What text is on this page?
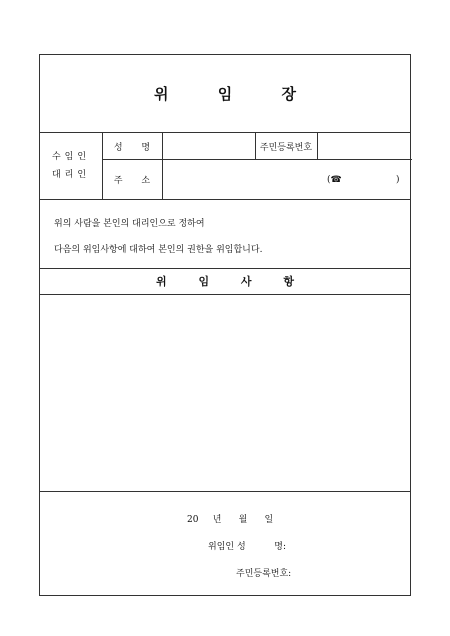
위 임 장
수임인
대리인
성 명	주민등록번호
주 소	(☎	)
위의 사람을 본인의 대리인으로 정하여
다음의 위임사항에 대하여 본인의 권한을 위임합니다.
위 임 사 항
20     년      월      일
위임인 성          명:
주민등록번호:
